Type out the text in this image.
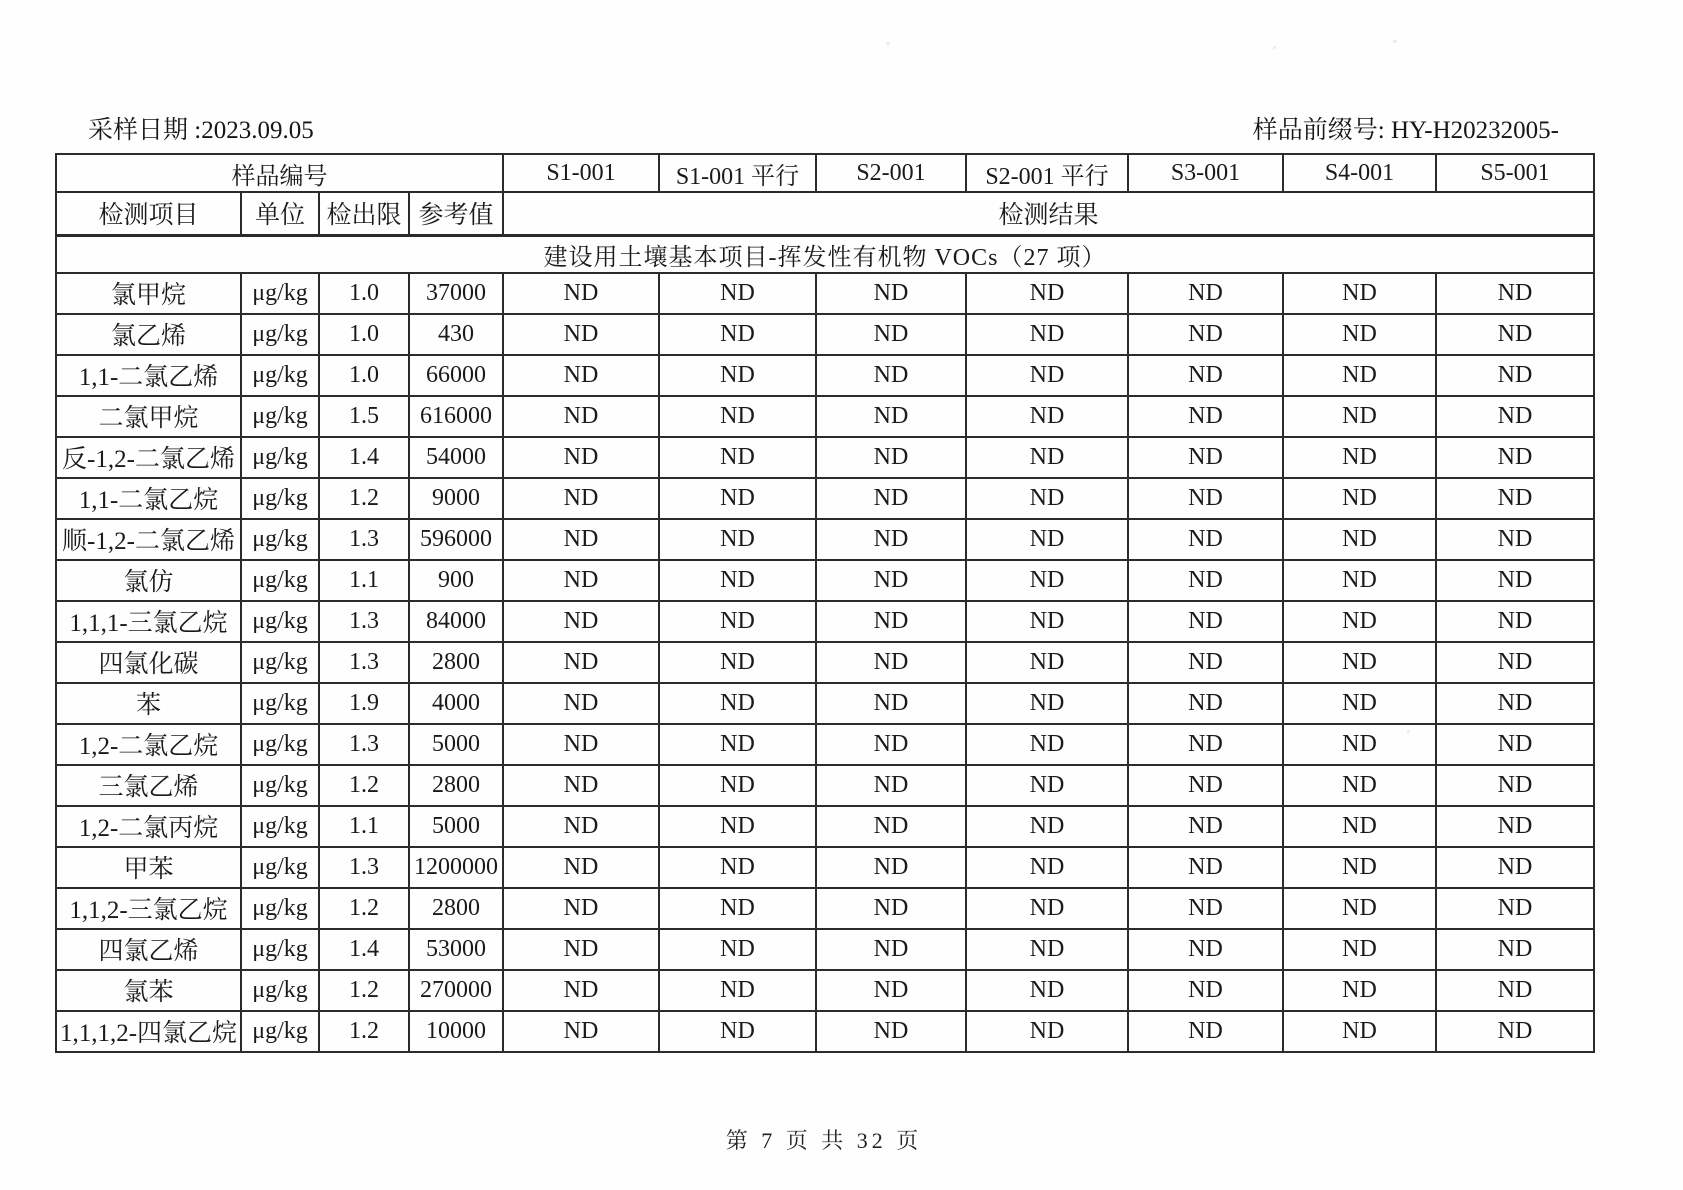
采样日期 :2023.09.05	样品前缀号: HY-H20232005-
样品编号				S1-001	S1-001 平行	S2-001	S2-001 平行	S3-001	S4-001	S5-001
检测项目	单位	检出限	参考值	检测结果						
建设用土壤基本项目-挥发性有机物 VOCs（27 项）										
氯甲烷	μg/kg	1.0	37000	ND	ND	ND	ND	ND	ND	ND
氯乙烯	μg/kg	1.0	430	ND	ND	ND	ND	ND	ND	ND
1,1-二氯乙烯	μg/kg	1.0	66000	ND	ND	ND	ND	ND	ND	ND
二氯甲烷	μg/kg	1.5	616000	ND	ND	ND	ND	ND	ND	ND
反-1,2-二氯乙烯	μg/kg	1.4	54000	ND	ND	ND	ND	ND	ND	ND
1,1-二氯乙烷	μg/kg	1.2	9000	ND	ND	ND	ND	ND	ND	ND
顺-1,2-二氯乙烯	μg/kg	1.3	596000	ND	ND	ND	ND	ND	ND	ND
氯仿	μg/kg	1.1	900	ND	ND	ND	ND	ND	ND	ND
1,1,1-三氯乙烷	μg/kg	1.3	84000	ND	ND	ND	ND	ND	ND	ND
四氯化碳	μg/kg	1.3	2800	ND	ND	ND	ND	ND	ND	ND
苯	μg/kg	1.9	4000	ND	ND	ND	ND	ND	ND	ND
1,2-二氯乙烷	μg/kg	1.3	5000	ND	ND	ND	ND	ND	ND	ND
三氯乙烯	μg/kg	1.2	2800	ND	ND	ND	ND	ND	ND	ND
1,2-二氯丙烷	μg/kg	1.1	5000	ND	ND	ND	ND	ND	ND	ND
甲苯	μg/kg	1.3	1200000	ND	ND	ND	ND	ND	ND	ND
1,1,2-三氯乙烷	μg/kg	1.2	2800	ND	ND	ND	ND	ND	ND	ND
四氯乙烯	μg/kg	1.4	53000	ND	ND	ND	ND	ND	ND	ND
氯苯	μg/kg	1.2	270000	ND	ND	ND	ND	ND	ND	ND
1,1,1,2-四氯乙烷	μg/kg	1.2	10000	ND	ND	ND	ND	ND	ND	ND
第 7 页 共 32 页
